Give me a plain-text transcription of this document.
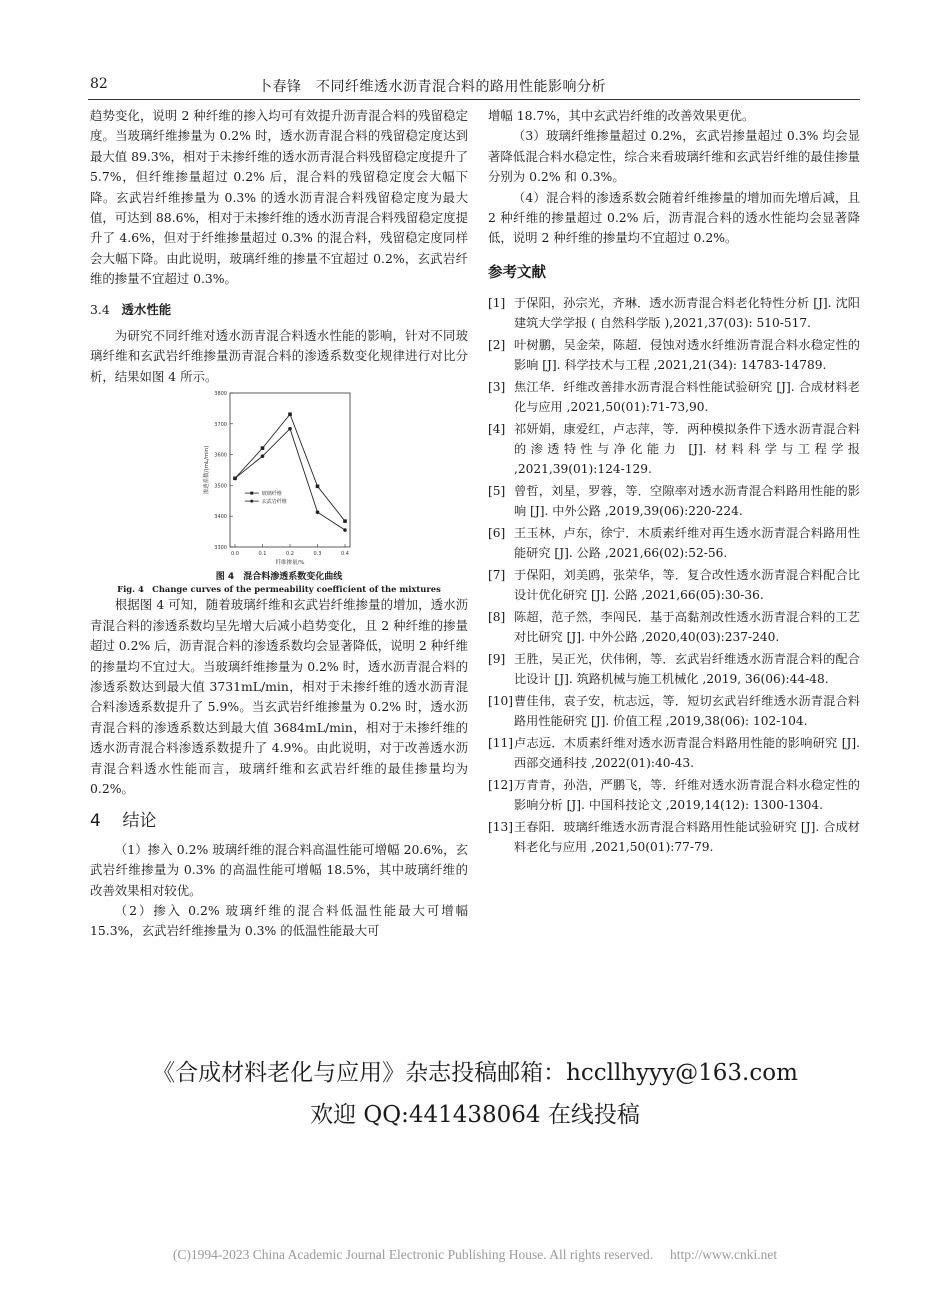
82	卜春锋　不同纤维透水沥青混合料的路用性能影响分析

趋势变化，说明 2 种纤维的掺入均可有效提升沥青混合料的残留稳定度。当玻璃纤维掺量为 0.2% 时，透水沥青混合料的残留稳定度达到最大值 89.3%，相对于未掺纤维的透水沥青混合料残留稳定度提升了 5.7%，但纤维掺量超过 0.2% 后，混合料的残留稳定度会大幅下降。玄武岩纤维掺量为 0.3% 的透水沥青混合料残留稳定度为最大值，可达到 88.6%，相对于未掺纤维的透水沥青混合料残留稳定度提升了 4.6%，但对于纤维掺量超过 0.3% 的混合料，残留稳定度同样会大幅下降。由此说明，玻璃纤维的掺量不宜超过 0.2%，玄武岩纤维的掺量不宜超过 0.3%。

3.4 透水性能

为研究不同纤维对透水沥青混合料透水性能的影响，针对不同玻璃纤维和玄武岩纤维掺量沥青混合料的渗透系数变化规律进行对比分析，结果如图 4 所示。

3300
3400
3500
3600
3700
3800
0.0	0.1	0.2	0.3	0.4
纤维掺量/%
渗透系数/(mL/min)	玻璃纤维
玄武岩纤维
图 4　混合料渗透系数变化曲线
Fig. 4　Change curves of the permeability coefficient of the mixtures

根据图 4 可知，随着玻璃纤维和玄武岩纤维掺量的增加，透水沥青混合料的渗透系数均呈先增大后减小趋势变化，且 2 种纤维的掺量超过 0.2% 后，沥青混合料的渗透系数均会显著降低，说明 2 种纤维的掺量均不宜过大。当玻璃纤维掺量为 0.2% 时，透水沥青混合料的渗透系数达到最大值 3731mL/min，相对于未掺纤维的透水沥青混合料渗透系数提升了 5.9%。当玄武岩纤维掺量为 0.2% 时，透水沥青混合料的渗透系数达到最大值 3684mL/min，相对于未掺纤维的透水沥青混合料渗透系数提升了 4.9%。由此说明，对于改善透水沥青混合料透水性能而言，玻璃纤维和玄武岩纤维的最佳掺量均为 0.2%。

4 结论

（1）掺入 0.2% 玻璃纤维的混合料高温性能可增幅 20.6%，玄武岩纤维掺量为 0.3% 的高温性能可增幅 18.5%，其中玻璃纤维的改善效果相对较优。

（2）掺入 0.2% 玻璃纤维的混合料低温性能最大可增幅 15.3%，玄武岩纤维掺量为 0.3% 的低温性能最大可

增幅 18.7%，其中玄武岩纤维的改善效果更优。

（3）玻璃纤维掺量超过 0.2%，玄武岩掺量超过 0.3% 均会显著降低混合料水稳定性，综合来看玻璃纤维和玄武岩纤维的最佳掺量分别为 0.2% 和 0.3%。

（4）混合料的渗透系数会随着纤维掺量的增加而先增后减，且 2 种纤维的掺量超过 0.2% 后，沥青混合料的透水性能均会显著降低，说明 2 种纤维的掺量均不宜超过 0.2%。

参考文献
[1] 于保阳，孙宗光，齐琳．透水沥青混合料老化特性分析 [J]. 沈阳建筑大学学报 ( 自然科学版 ),2021,37(03): 510-517.
[2] 叶树鹏，吴金荣，陈超．侵蚀对透水纤维沥青混合料水稳定性的影响 [J]. 科学技术与工程 ,2021,21(34): 14783-14789.
[3] 焦江华．纤维改善排水沥青混合料性能试验研究 [J]. 合成材料老化与应用 ,2021,50(01):71-73,90.
[4] 祁妍娟，康爱红，卢志萍，等．两种模拟条件下透水沥青混合料的渗透特性与净化能力 [J]. 材料科学与工程学报 ,2021,39(01):124-129.
[5] 曾哲，刘星，罗蓉，等．空隙率对透水沥青混合料路用性能的影响 [J]. 中外公路 ,2019,39(06):220-224.
[6] 王玉林，卢东，徐宁．木质素纤维对再生透水沥青混合料路用性能研究 [J]. 公路 ,2021,66(02):52-56.
[7] 于保阳，刘美鸥，张荣华，等．复合改性透水沥青混合料配合比设计优化研究 [J]. 公路 ,2021,66(05):30-36.
[8] 陈超，范子然，李闯民．基于高黏剂改性透水沥青混合料的工艺对比研究 [J]. 中外公路 ,2020,40(03):237-240.
[9] 王胜，吴正光，伏伟俐，等．玄武岩纤维透水沥青混合料的配合比设计 [J]. 筑路机械与施工机械化 ,2019, 36(06):44-48.
[10] 曹佳伟，袁子安，杭志远，等．短切玄武岩纤维透水沥青混合料路用性能研究 [J]. 价值工程 ,2019,38(06): 102-104.
[11] 卢志远．木质素纤维对透水沥青混合料路用性能的影响研究 [J]. 西部交通科技 ,2022(01):40-43.
[12] 万青青，孙浩，严鹏飞，等．纤维对透水沥青混合料水稳定性的影响分析 [J]. 中国科技论文 ,2019,14(12): 1300-1304.
[13] 王春阳．玻璃纤维透水沥青混合料路用性能试验研究 [J]. 合成材料老化与应用 ,2021,50(01):77-79.
《合成材料老化与应用》杂志投稿邮箱：hccllhyyy@163.com
欢迎 QQ:441438064 在线投稿
(C)1994-2023 China Academic Journal Electronic Publishing House. All rights reserved.　 http://www.cnki.net
